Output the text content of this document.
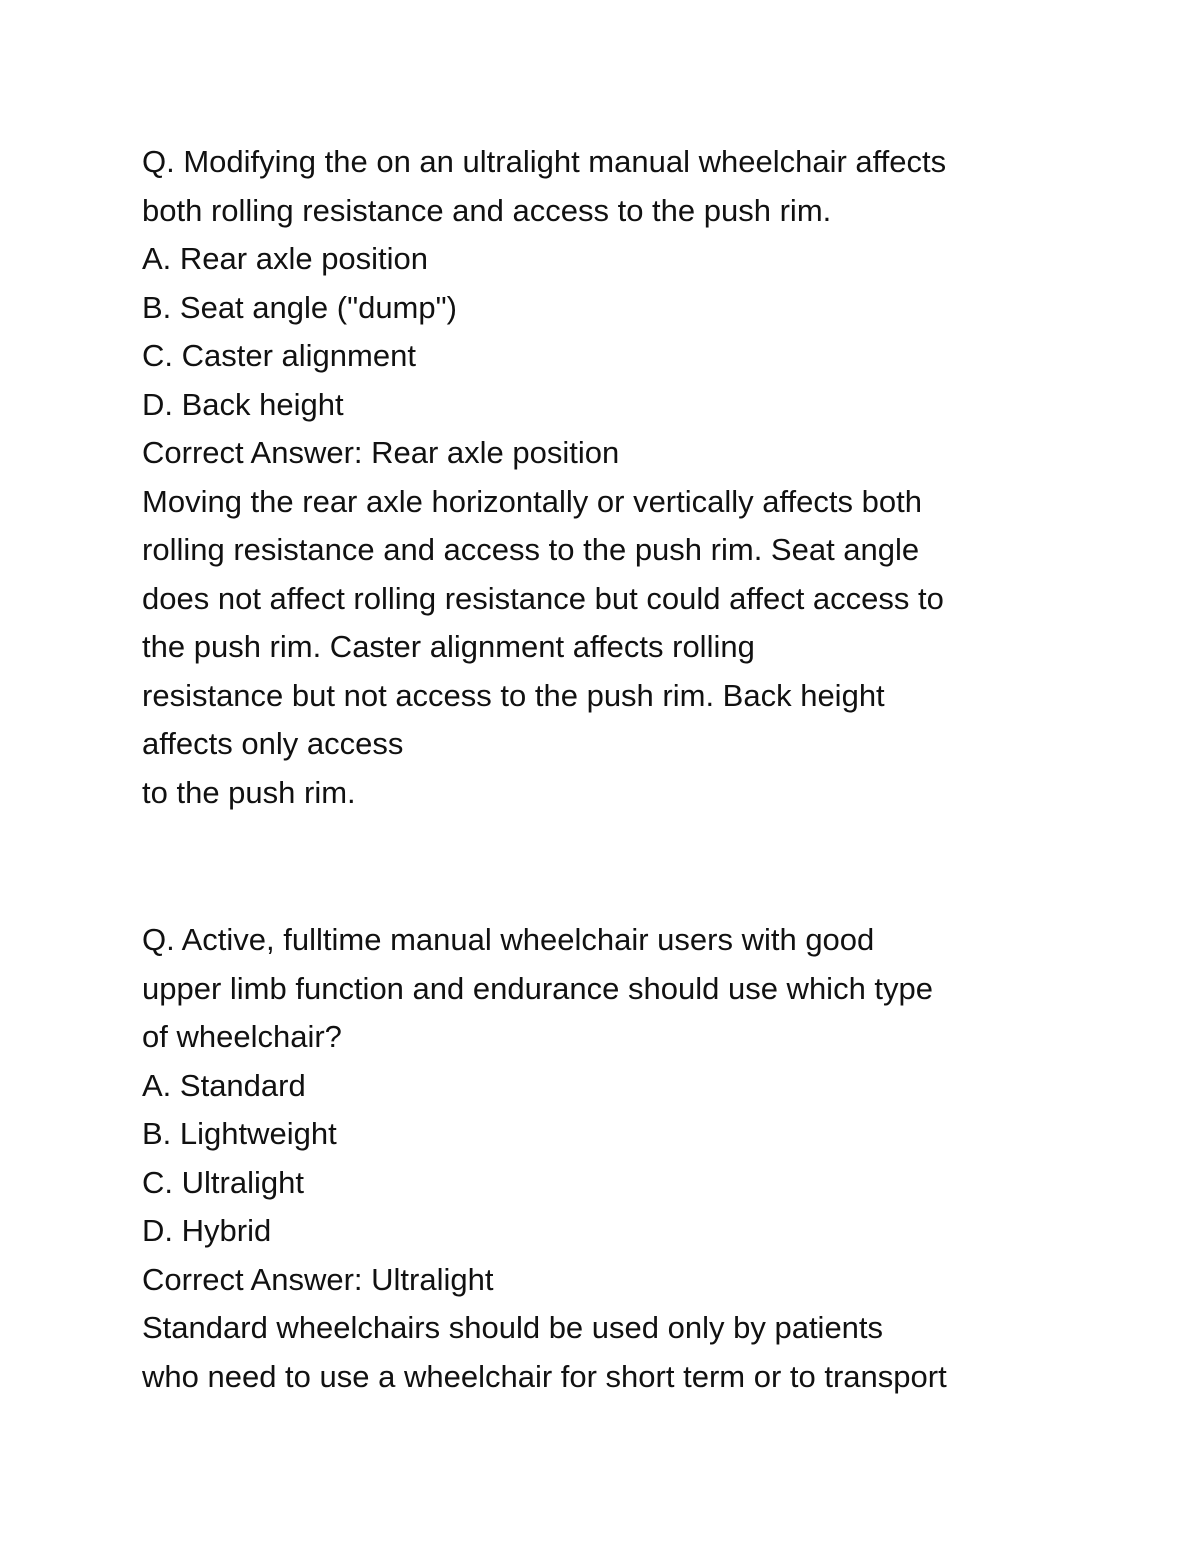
Q. Modifying the on an ultralight manual wheelchair affects
both rolling resistance and access to the push rim.
A. Rear axle position
B. Seat angle ("dump")
C. Caster alignment
D. Back height
Correct Answer: Rear axle position
Moving the rear axle horizontally or vertically affects both
rolling resistance and access to the push rim. Seat angle
does not affect rolling resistance but could affect access to
the push rim. Caster alignment affects rolling
resistance but not access to the push rim. Back height
affects only access
to the push rim.
Q. Active, fulltime manual wheelchair users with good
upper limb function and endurance should use which type
of wheelchair?
A. Standard
B. Lightweight
C. Ultralight
D. Hybrid
Correct Answer: Ultralight
Standard wheelchairs should be used only by patients
who need to use a wheelchair for short term or to transport
